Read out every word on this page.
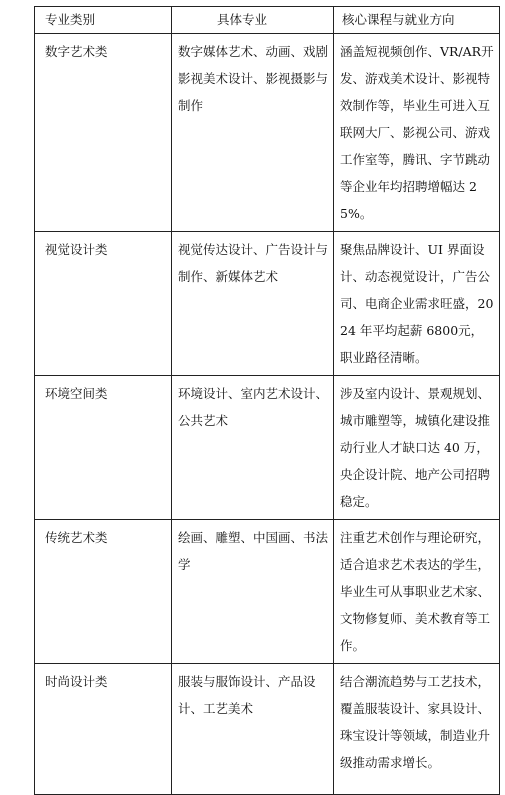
专业类别	具体专业	核心课程与就业方向
数字艺术类	数字媒体艺术、动画、戏剧影视美术设计、影视摄影与制作	涵盖短视频创作、VR/AR开发、游戏美术设计、影视特效制作等，毕业生可进入互联网大厂、影视公司、游戏工作室等，腾讯、字节跳动等企业年均招聘增幅达 25%。
视觉设计类	视觉传达设计、广告设计与制作、新媒体艺术	聚焦品牌设计、UI 界面设计、动态视觉设计，广告公司、电商企业需求旺盛，2024 年平均起薪 6800元，职业路径清晰。
环境空间类	环境设计、室内艺术设计、公共艺术	涉及室内设计、景观规划、城市雕塑等，城镇化建设推动行业人才缺口达 40 万，央企设计院、地产公司招聘稳定。
传统艺术类	绘画、雕塑、中国画、书法学	注重艺术创作与理论研究，适合追求艺术表达的学生，毕业生可从事职业艺术家、文物修复师、美术教育等工作。
时尚设计类	服装与服饰设计、产品设计、工艺美术	结合潮流趋势与工艺技术，覆盖服装设计、家具设计、珠宝设计等领域，制造业升级推动需求增长。
